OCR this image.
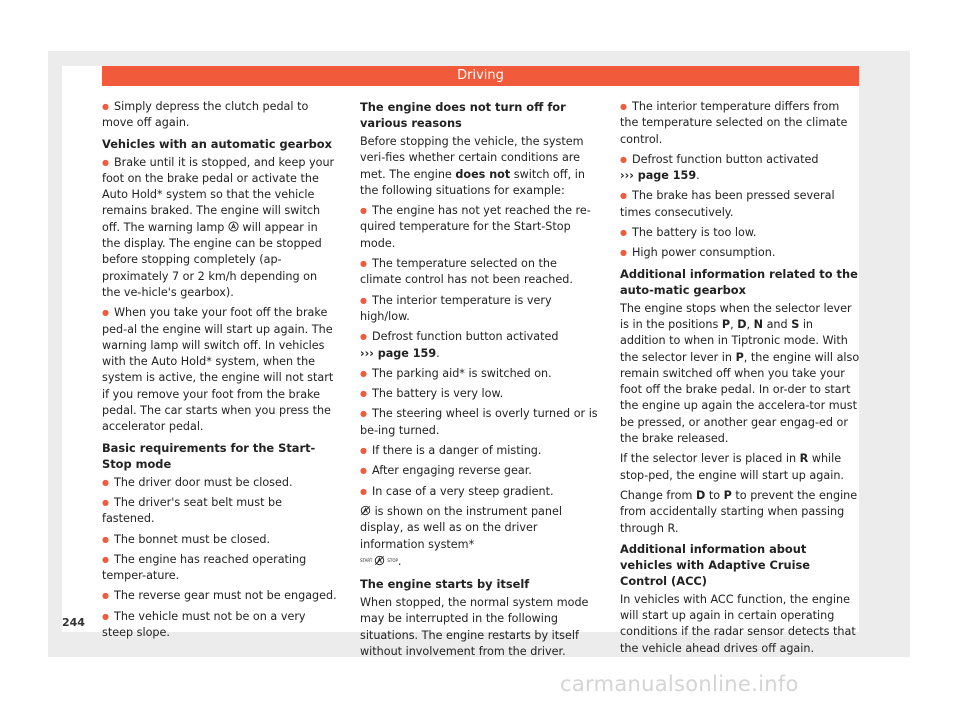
Driving

● Simply depress the clutch pedal to move off again.

Vehicles with an automatic gearbox

● Brake until it is stopped, and keep your foot on the brake pedal or activate the Auto Hold* system so that the vehicle remains braked. The engine will switch off. The warning lamp will appear in the display. The engine can be stopped before stopping completely (ap-proximately 7 or 2 km/h depending on the ve-hicle's gearbox).

● When you take your foot off the brake ped-al the engine will start up again. The warning lamp will switch off. In vehicles with the Auto Hold* system, when the system is active, the engine will not start if you remove your foot from the brake pedal. The car starts when you press the accelerator pedal.

Basic requirements for the Start-Stop mode

● The driver door must be closed.

● The driver's seat belt must be fastened.

● The bonnet must be closed.

● The engine has reached operating temper-ature.

● The reverse gear must not be engaged.

● The vehicle must not be on a very steep slope.

The engine does not turn off for various reasons

Before stopping the vehicle, the system veri-fies whether certain conditions are met. The engine does not switch off, in the following situations for example:

● The engine has not yet reached the re-quired temperature for the Start-Stop mode.

● The temperature selected on the climate control has not been reached.

● The interior temperature is very high/low.

● Defrost function button activated
››› page 159.

● The parking aid* is switched on.

● The battery is very low.

● The steering wheel is overly turned or is be-ing turned.

● If there is a danger of misting.

● After engaging reverse gear.

● In case of a very steep gradient.

is shown on the instrument panel display, as well as on the driver information system*

START	STOP .

The engine starts by itself

When stopped, the normal system mode may be interrupted in the following situations. The engine restarts by itself without involvement from the driver.

● The interior temperature differs from the temperature selected on the climate control.

● Defrost function button activated
››› page 159.

● The brake has been pressed several times consecutively.

● The battery is too low.

● High power consumption.

Additional information related to the auto-matic gearbox

The engine stops when the selector lever is in the positions P, D, N and S in addition to when in Tiptronic mode. With the selector lever in P, the engine will also remain switched off when you take your foot off the brake pedal. In or-der to start the engine up again the accelera-tor must be pressed, or another gear engag-ed or the brake released.

If the selector lever is placed in R while stop-ped, the engine will start up again.

Change from D to P to prevent the engine from accidentally starting when passing through R.

Additional information about vehicles with Adaptive Cruise Control (ACC)

In vehicles with ACC function, the engine will start up again in certain operating conditions if the radar sensor detects that the vehicle ahead drives off again.

244
carmanualsonline.info
